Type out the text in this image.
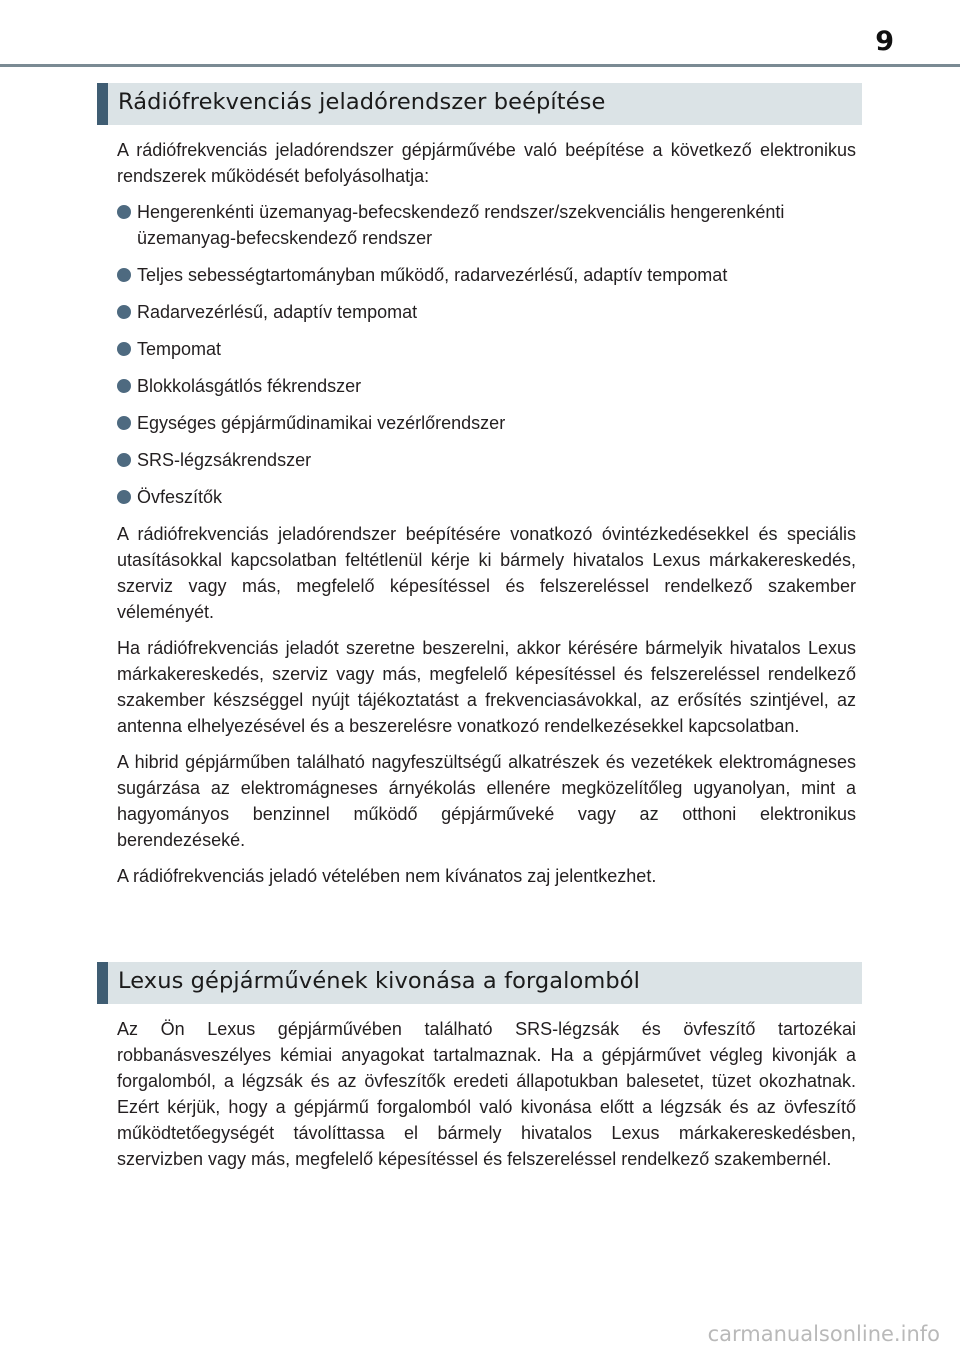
9
Rádiófrekvenciás jeladórendszer beépítése

A rádiófrekvenciás jeladórendszer gépjárművébe való beépítése a következő elektronikus rendszerek működését befolyásolhatja:

Hengerenkénti üzemanyag-befecskendező rendszer/szekvenciális hengerenkénti üzemanyag-befecskendező rendszer
Teljes sebességtartományban működő, radarvezérlésű, adaptív tempomat
Radarvezérlésű, adaptív tempomat
Tempomat
Blokkolásgátlós fékrendszer
Egységes gépjárműdinamikai vezérlőrendszer
SRS-légzsákrendszer
Övfeszítők

A rádiófrekvenciás jeladórendszer beépítésére vonatkozó óvintézkedésekkel és speciális utasításokkal kapcsolatban feltétlenül kérje ki bármely hivatalos Lexus márkakereskedés, szerviz vagy más, megfelelő képesítéssel és felszereléssel rendelkező szakember véleményét.

Ha rádiófrekvenciás jeladót szeretne beszerelni, akkor kérésére bármelyik hivatalos Lexus márkakereskedés, szerviz vagy más, megfelelő képesítéssel és felszereléssel rendelkező szakember készséggel nyújt tájékoztatást a frekvenciasávokkal, az erősítés szintjével, az antenna elhelyezésével és a beszerelésre vonatkozó rendelkezésekkel kapcsolatban.

A hibrid gépjárműben található nagyfeszültségű alkatrészek és vezetékek elektromágneses sugárzása az elektromágneses árnyékolás ellenére megközelítőleg ugyanolyan, mint a hagyományos benzinnel működő gépjárműveké vagy az otthoni elektronikus berendezéseké.

A rádiófrekvenciás jeladó vételében nem kívánatos zaj jelentkezhet.

Lexus gépjárművének kivonása a forgalomból

Az Ön Lexus gépjárművében található SRS-légzsák és övfeszítő tartozékai robbanásveszélyes kémiai anyagokat tartalmaznak. Ha a gépjárművet végleg kivonják a forgalomból, a légzsák és az övfeszítők eredeti állapotukban balesetet, tüzet okozhatnak. Ezért kérjük, hogy a gépjármű forgalomból való kivonása előtt a légzsák és az övfeszítő működtetőegységét távolíttassa el bármely hivatalos Lexus márkakereskedésben, szervizben vagy más, megfelelő képesítéssel és felszereléssel rendelkező szakembernél.

carmanualsonline.info
